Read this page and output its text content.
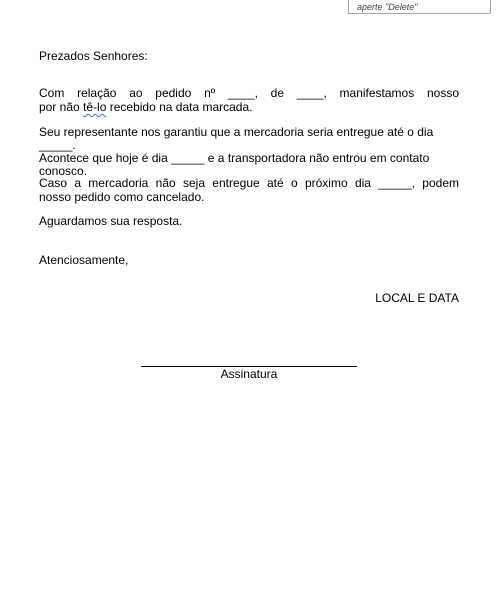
aperte "Delete"

Prezados Senhores:

Com relação ao pedido nº ____, de ____, manifestamos nosso

por não tê-lo recebido na data marcada.

Seu representante nos garantiu que a mercadoria seria entregue até o dia _____.

Acontece que hoje é dia _____ e a transportadora não entrou em contato conosco.

Caso a mercadoria não seja entregue até o próximo dia _____, podem

nosso pedido como cancelado.

Aguardamos sua resposta.

Atenciosamente,

LOCAL E DATA
Assinatura
